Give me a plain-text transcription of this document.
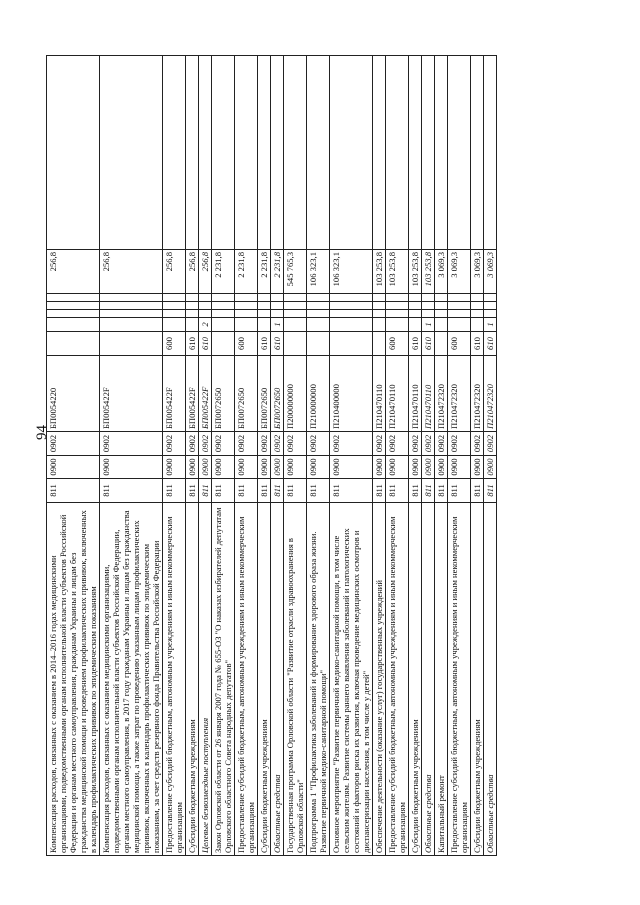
94
Компенсация расходов, связанных с оказанием в 2014–2016 годах медицинскими организациями, подведомственными органам исполнительной власти субъектов Российской Федерации и органам местного самоуправления, гражданам Украины и лицам без гражданства медицинской помощи и проведением профилактических прививок, включенных в календарь профилактических прививок по эпидемическим показаниям	811	0900	0902	БП0054220						256,8	
Компенсация расходов, связанных с оказанием медицинскими организациями, подведомственными органам исполнительной власти субъектов Российской Федерации, органам местного самоуправления, в 2017 году гражданам Украины и лицам без гражданства медицинской помощи, а также затрат по проведению указанным лицам профилактических прививок, включенных в календарь профилактических прививок по эпидемическим показаниям, за счет средств резервного фонда Правительства Российской Федерации	811	0900	0902	БП005422F						256,8	
Предоставление субсидий бюджетным, автономным учреждениям и иным некоммерческим организациям	811	0900	0902	БП005422F	600					256,8	
Субсидии бюджетным учреждениям	811	0900	0902	БП005422F	610					256,8	
Целевые безвозмездные поступления	811	0900	0902	БП005422F	610	2				256,8	
Закон Орловской области от 26 января 2007 года № 655-ОЗ "О наказах избирателей депутатам Орловского областного Совета народных депутатов"	811	0900	0902	БП0072650						2 231,8	
Предоставление субсидий бюджетным, автономным учреждениям и иным некоммерческим организациям	811	0900	0902	БП0072650	600					2 231,8	
Субсидии бюджетным учреждениям	811	0900	0902	БП0072650	610					2 231,8	
Областные средства	811	0900	0902	БП0072650	610	1				2 231,8	
Государственная программа Орловской области "Развитие отрасли здравоохранения в Орловской области"	811	0900	0902	П200000000						545 765,3	
Подпрограмма 1 "Профилактика заболеваний и формирование здорового образа жизни. Развитие первичной медико-санитарной помощи"	811	0900	0902	П210000000						106 323,1	
Основное мероприятие "Развитие первичной медико-санитарной помощи, в том числе сельским жителям. Развитие системы раннего выявления заболеваний и патологических состояний и факторов риска их развития, включая проведение медицинских осмотров и диспансеризации населения, в том числе у детей"	811	0900	0902	П210400000						106 323,1	
Обеспечение деятельности (оказание услуг) государственных учреждений	811	0900	0902	П210470110						103 253,8	
Предоставление субсидий бюджетным, автономным учреждениям и иным некоммерческим организациям	811	0900	0902	П210470110	600					103 253,8	
Субсидии бюджетным учреждениям	811	0900	0902	П210470110	610					103 253,8	
Областные средства	811	0900	0902	П210470110	610	1				103 253,8	
Капитальный ремонт	811	0900	0902	П210472320						3 069,3	
Предоставление субсидий бюджетным, автономным учреждениям и иным некоммерческим организациям	811	0900	0902	П210472320	600					3 069,3	
Субсидии бюджетным учреждениям	811	0900	0902	П210472320	610					3 069,3	
Областные средства	811	0900	0902	П210472320	610	1				3 069,3	
